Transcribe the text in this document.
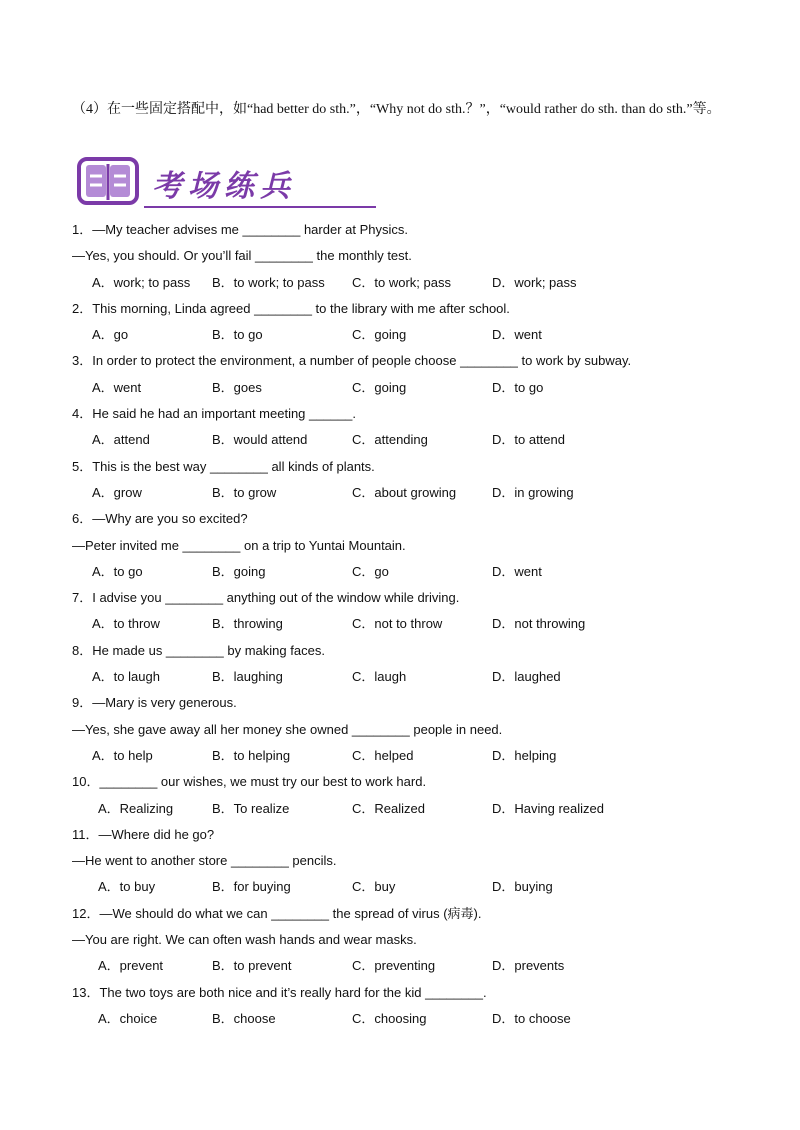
（4）在一些固定搭配中，如“had better do sth.”，“Why not do sth.？”，“would rather do sth. than do sth.”等。
考场练兵
1．—My teacher advises me ________ harder at Physics.
—Yes, you should. Or you’ll fail ________ the monthly test.
A．work; to pass B．to work; to pass C．to work; pass	D．work; pass
2．This morning, Linda agreed ________ to the library with me after school.
A．go	B．to go	C．going	D．went
3．In order to protect the environment, a number of people choose ________ to work by subway.
A．went	B．goes	C．going	D．to go
4．He said he had an important meeting ______.
A．attend	B．would attend	C．attending	D．to attend
5．This is the best way ________ all kinds of plants.
A．grow	B．to grow	C．about growing	D．in growing
6．—Why are you so excited?
—Peter invited me ________ on a trip to Yuntai Mountain.
A．to go	B．going	C．go	D．went
7．I advise you ________ anything out of the window while driving.
A．to throw	B．throwing	C．not to throw	D．not throwing
8．He made us ________ by making faces.
A．to laugh	B．laughing	C．laugh	D．laughed
9．—Mary is very generous.
—Yes, she gave away all her money she owned ________ people in need.
A．to help	B．to helping	C．helped	D．helping
10．________ our wishes, we must try our best to work hard.
A．Realizing	B．To realize	C．Realized	D．Having realized
11．—Where did he go?
—He went to another store ________ pencils.
A．to buy	B．for buying	C．buy	D．buying
12．—We should do what we can ________ the spread of virus (病毒).
—You are right. We can often wash hands and wear masks.
A．prevent	B．to prevent	C．preventing	D．prevents
13．The two toys are both nice and it’s really hard for the kid ________.
A．choice	B．choose	C．choosing	D．to choose
